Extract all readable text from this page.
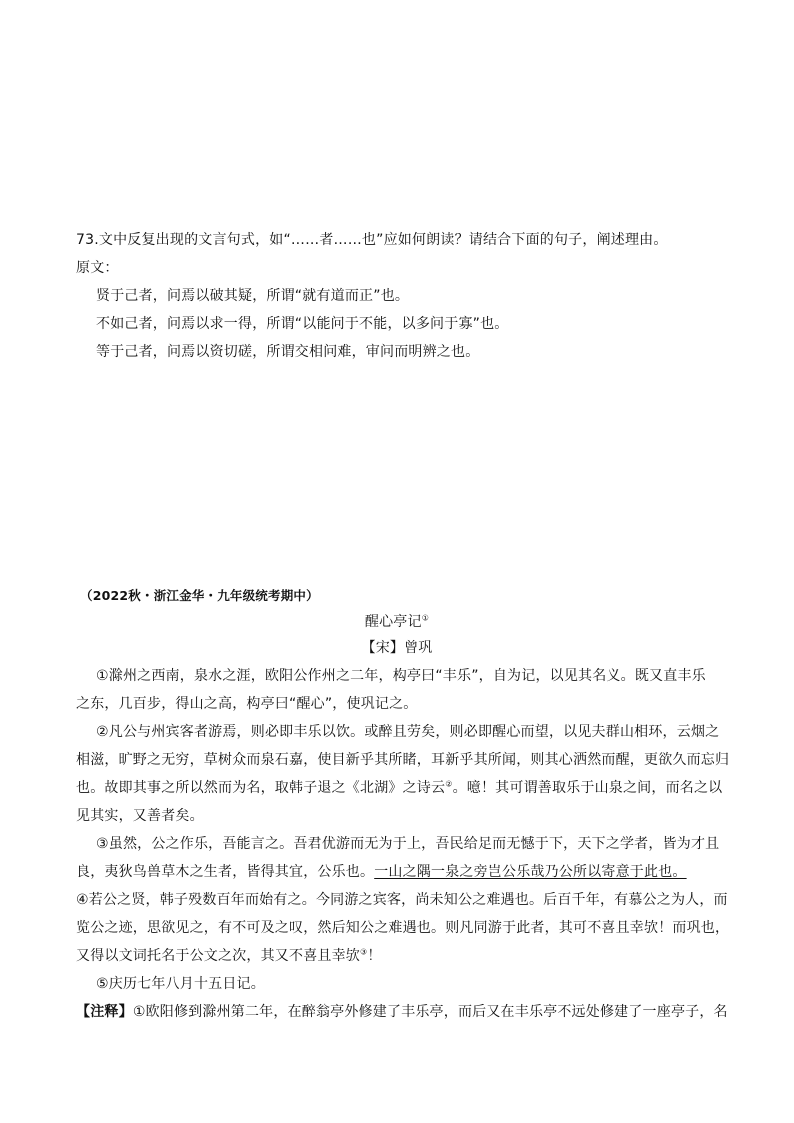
73.文中反复出现的文言句式，如“……者……也”应如何朗读？请结合下面的句子，阐述理由。
原文：
贤于己者，问焉以破其疑，所谓“就有道而正”也。
不如己者，问焉以求一得，所谓“以能问于不能，以多问于寡”也。
等于己者，问焉以资切磋，所谓交相问难，审问而明辨之也。
（2022秋・浙江金华・九年级统考期中）
醒心亭记①
【宋】曾巩
①滁州之西南，泉水之涯，欧阳公作州之二年，构亭曰“丰乐”，自为记，以见其名义。既又直丰乐
之东，几百步，得山之高，构亭曰“醒心”，使巩记之。
②凡公与州宾客者游焉，则必即丰乐以饮。或醉且劳矣，则必即醒心而望，以见夫群山相环，云烟之
相滋，旷野之无穷，草树众而泉石嘉，使目新乎其所睹，耳新乎其所闻，则其心洒然而醒，更欲久而忘归
也。故即其事之所以然而为名，取韩子退之《北湖》之诗云②。噫！其可谓善取乐于山泉之间，而名之以
见其实，又善者矣。
③虽然，公之作乐，吾能言之。吾君优游而无为于上，吾民给足而无憾于下，天下之学者，皆为才且
良，夷狄鸟兽草木之生者，皆得其宜，公乐也。一山之隅一泉之旁岂公乐哉乃公所以寄意于此也。
④若公之贤，韩子殁数百年而始有之。今同游之宾客，尚未知公之难遇也。后百千年，有慕公之为人，而
览公之迹，思欲见之，有不可及之叹，然后知公之难遇也。则凡同游于此者，其可不喜且幸欤！而巩也，
又得以文词托名于公文之次，其又不喜且幸欤③！
⑤庆历七年八月十五日记。
【注释】①欧阳修到滁州第二年，在醉翁亭外修建了丰乐亭，而后又在丰乐亭不远处修建了一座亭子，名
